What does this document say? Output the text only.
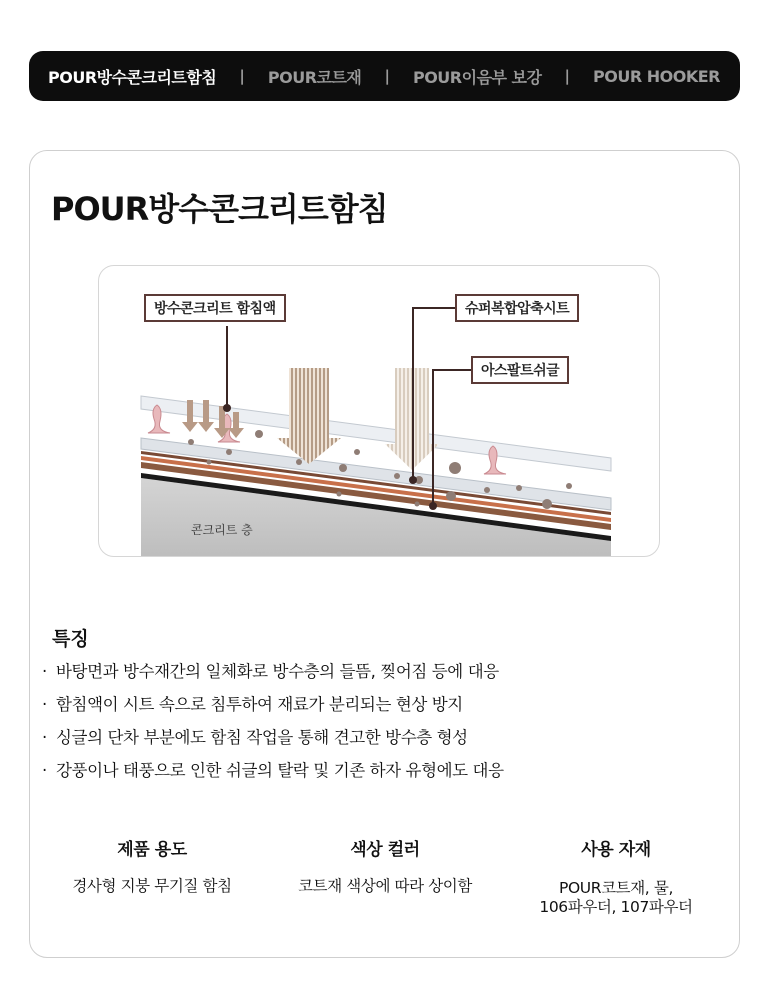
POUR방수콘크리트함침 | POUR코트재 | POUR이음부 보강 | POUR HOOKER
POUR방수콘크리트함침
방수콘크리트 함침액	슈퍼복합압축시트
아스팔트쉬글
콘크리트 층
특징
· 바탕면과 방수재간의 일체화로 방수층의 들뜸, 찢어짐 등에 대응
· 함침액이 시트 속으로 침투하여 재료가 분리되는 현상 방지
· 싱글의 단차 부분에도 함침 작업을 통해 견고한 방수층 형성
· 강풍이나 태풍으로 인한 쉬글의 탈락 및 기존 하자 유형에도 대응
제품 용도
경사형 지붕 무기질 함침
색상 컬러
코트재 색상에 따라 상이함
사용 자재
POUR코트재, 물,
106파우더, 107파우더
